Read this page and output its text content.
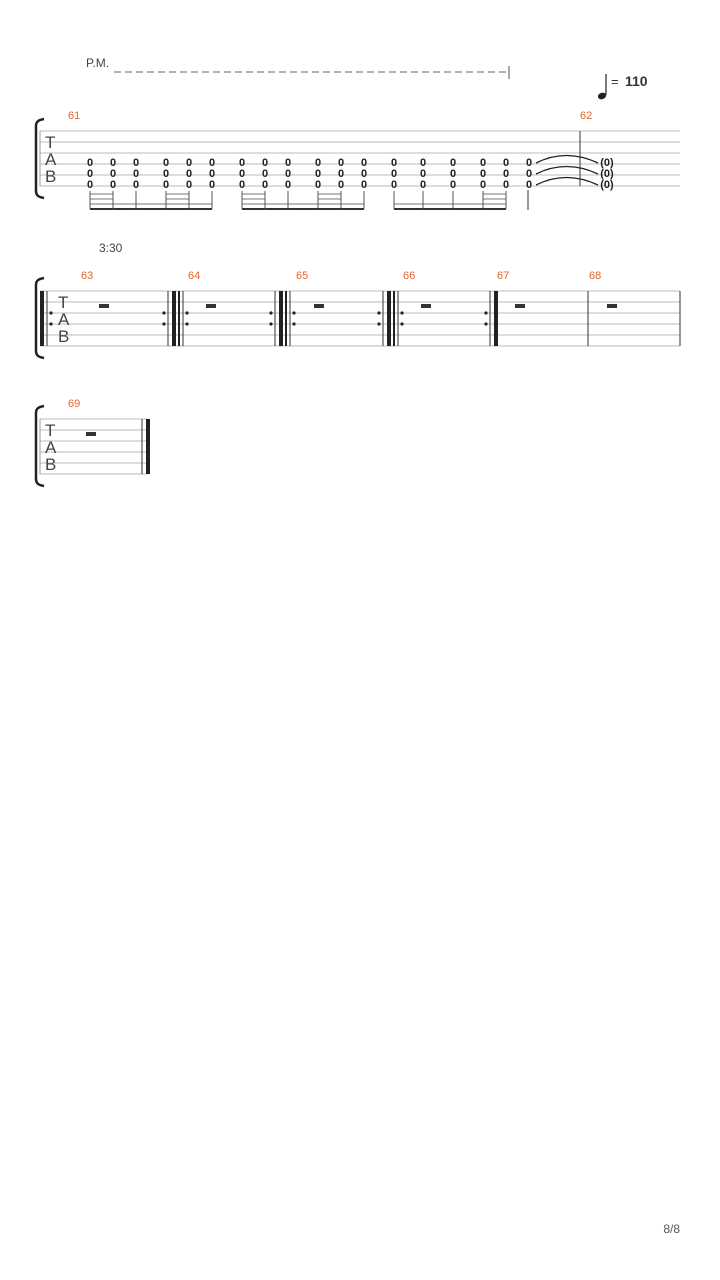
P.M.
= 110
T
A
B
61	62
0
0
0
0
0
0
0
0
0
0
0
0
0
0
0
0
0
0
0
0
0
0
0
0
0
0
0
0
0
0
0
0
0
0
0
0
0
0
0
0
0
0
0
0
0
0
0
0
0
0
0
0
0
0
(0)
(0)
(0)
3:30
T
A
B
63	64	65	66	67	68
T
A
B
69
8/8
